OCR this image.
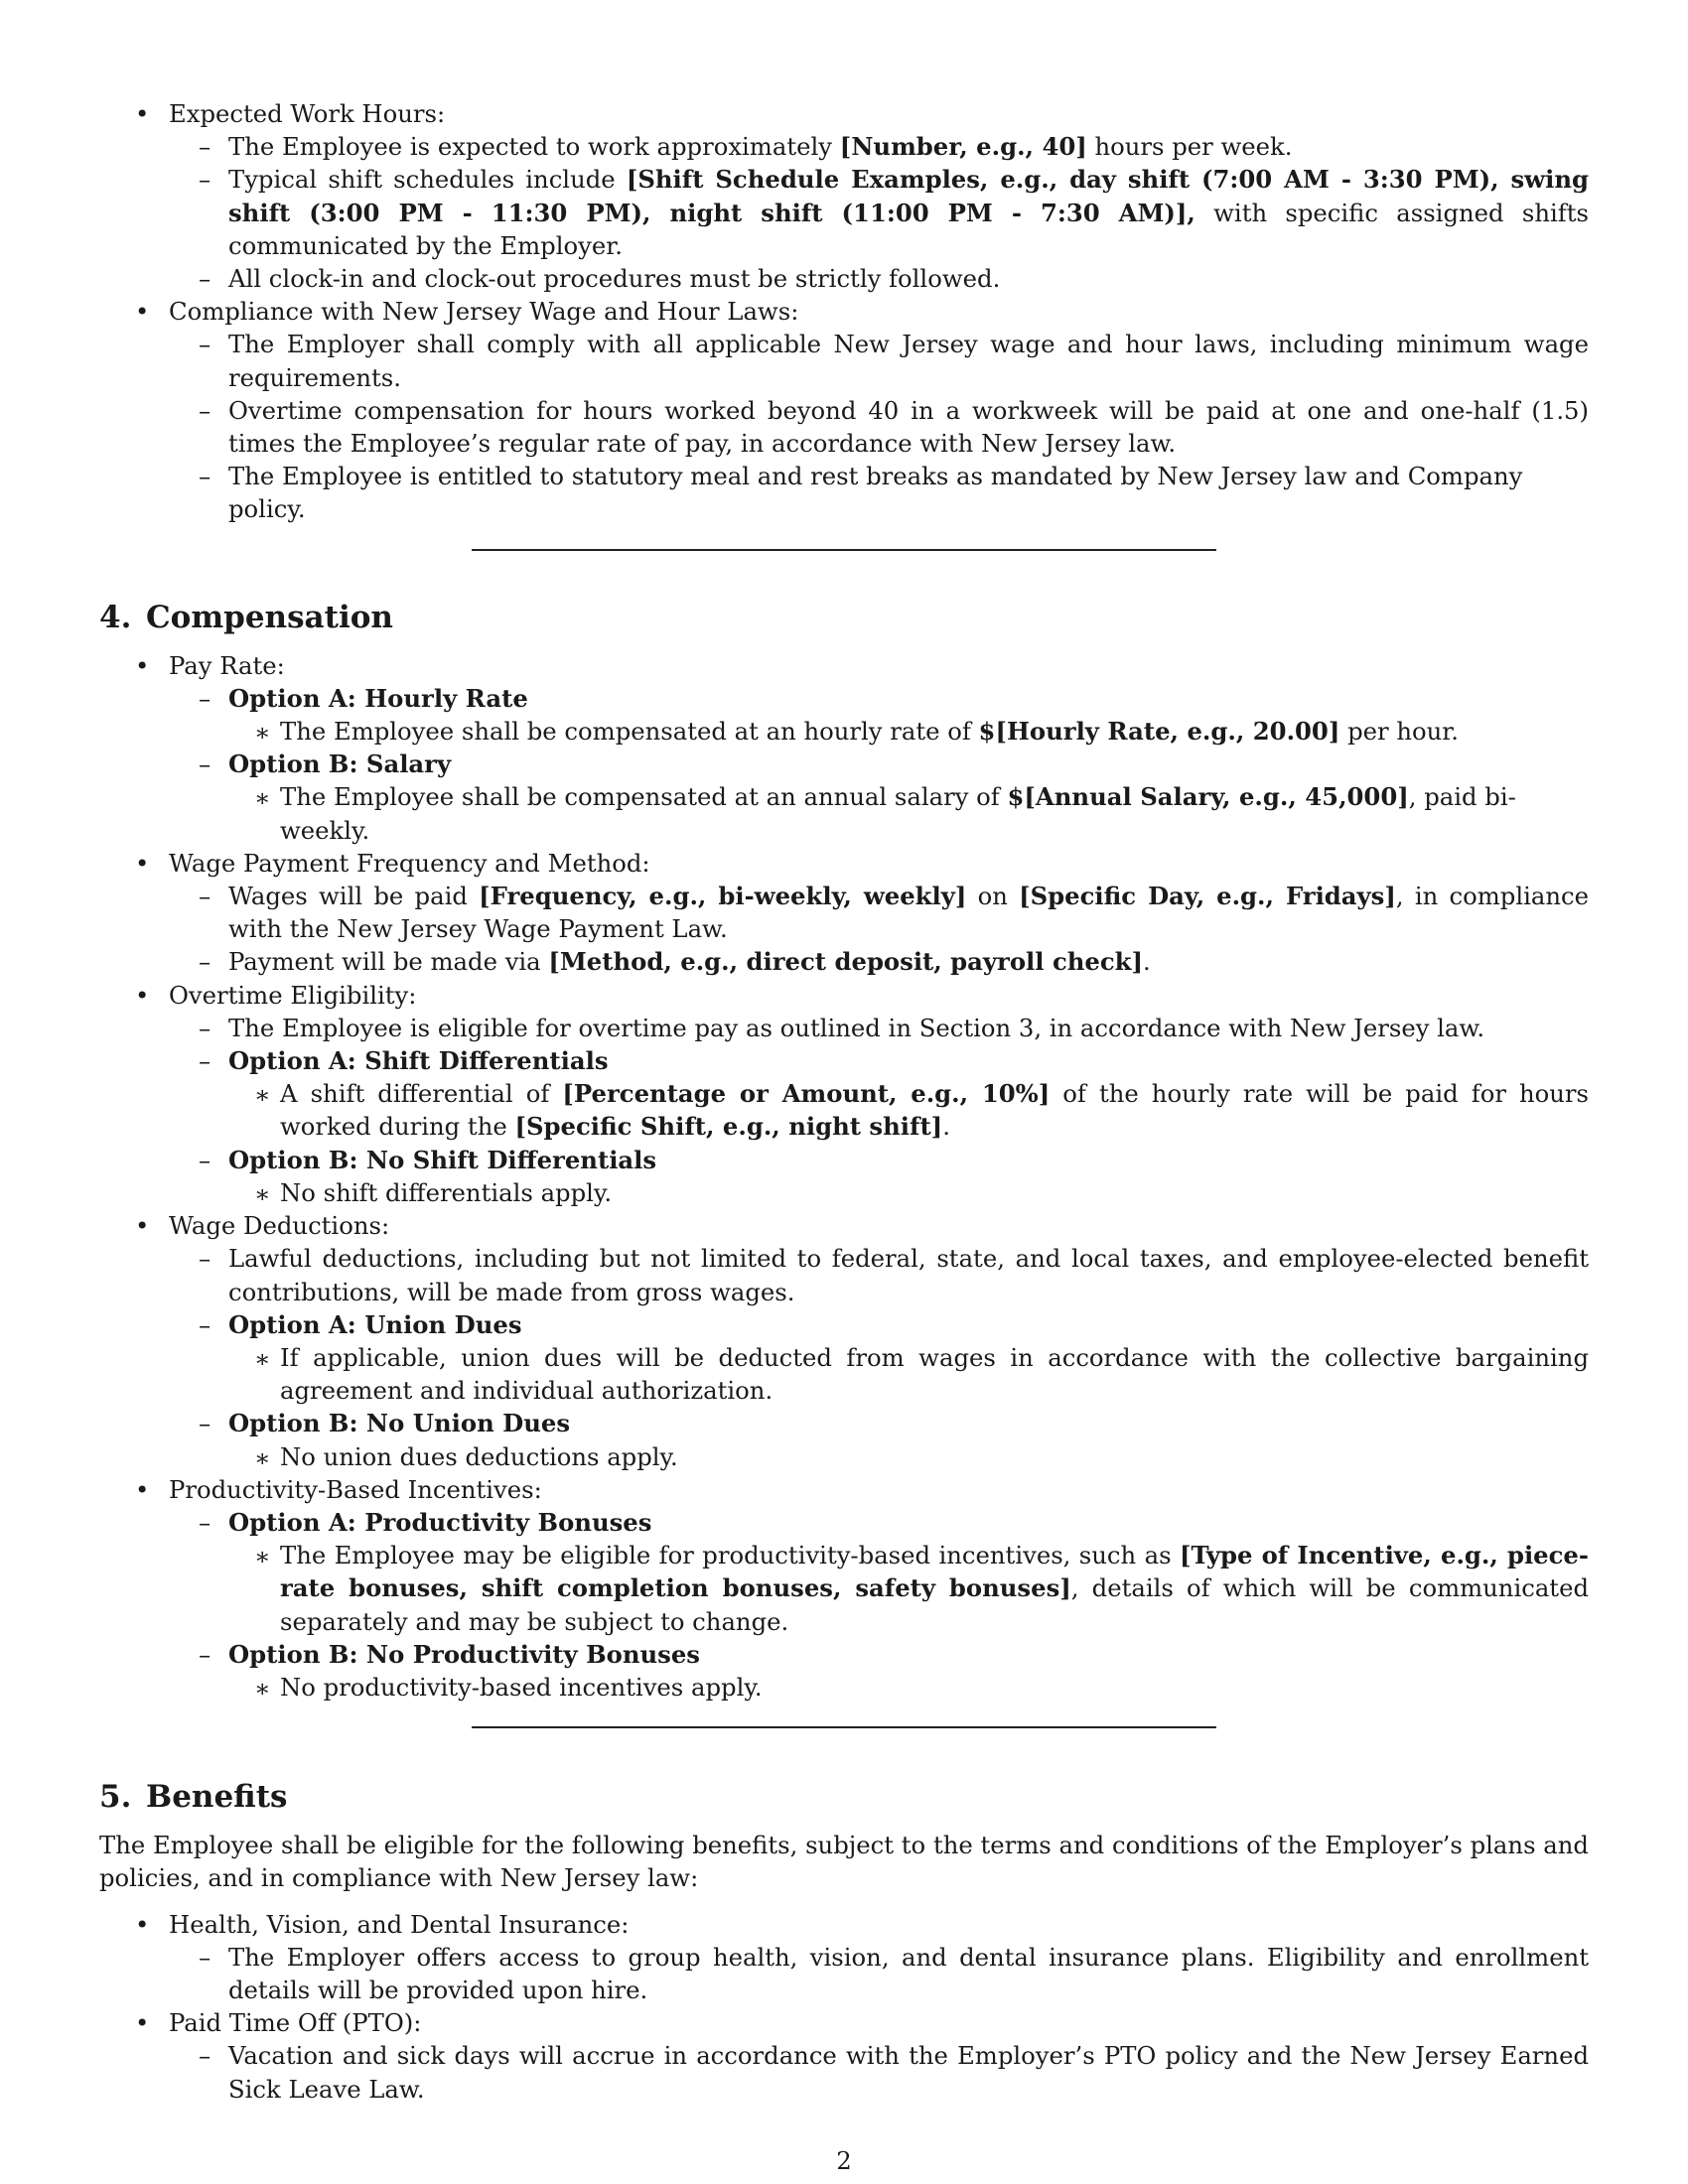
• Expected Work Hours:
– The Employee is expected to work approximately [Number, e.g., 40] hours per week.
– Typical shift schedules include [Shift Schedule Examples, e.g., day shift (7:00 AM - 3:30 PM), swing shift (3:00 PM - 11:30 PM), night shift (11:00 PM - 7:30 AM)], with specific assigned shifts communicated by the Employer.
– All clock-in and clock-out procedures must be strictly followed.
• Compliance with New Jersey Wage and Hour Laws:
– The Employer shall comply with all applicable New Jersey wage and hour laws, including minimum wage requirements.
– Overtime compensation for hours worked beyond 40 in a workweek will be paid at one and one-half (1.5) times the Employee’s regular rate of pay, in accordance with New Jersey law.
– The Employee is entitled to statutory meal and rest breaks as mandated by New Jersey law and Company policy.
4. Compensation
• Pay Rate:
– Option A: Hourly Rate
∗ The Employee shall be compensated at an hourly rate of $[Hourly Rate, e.g., 20.00] per hour.
– Option B: Salary
∗ The Employee shall be compensated at an annual salary of $[Annual Salary, e.g., 45,000], paid bi-weekly.
• Wage Payment Frequency and Method:
– Wages will be paid [Frequency, e.g., bi-weekly, weekly] on [Specific Day, e.g., Fridays], in compliance with the New Jersey Wage Payment Law.
– Payment will be made via [Method, e.g., direct deposit, payroll check].
• Overtime Eligibility:
– The Employee is eligible for overtime pay as outlined in Section 3, in accordance with New Jersey law.
– Option A: Shift Differentials
∗ A shift differential of [Percentage or Amount, e.g., 10%] of the hourly rate will be paid for hours worked during the [Specific Shift, e.g., night shift].
– Option B: No Shift Differentials
∗ No shift differentials apply.
• Wage Deductions:
– Lawful deductions, including but not limited to federal, state, and local taxes, and employee-elected benefit contributions, will be made from gross wages.
– Option A: Union Dues
∗ If applicable, union dues will be deducted from wages in accordance with the collective bargaining agreement and individual authorization.
– Option B: No Union Dues
∗ No union dues deductions apply.
• Productivity-Based Incentives:
– Option A: Productivity Bonuses
∗ The Employee may be eligible for productivity-based incentives, such as [Type of Incentive, e.g., piece-rate bonuses, shift completion bonuses, safety bonuses], details of which will be communicated separately and may be subject to change.
– Option B: No Productivity Bonuses
∗ No productivity-based incentives apply.
5. Benefits

The Employee shall be eligible for the following benefits, subject to the terms and conditions of the Employer’s plans and policies, and in compliance with New Jersey law:

• Health, Vision, and Dental Insurance:
– The Employer offers access to group health, vision, and dental insurance plans. Eligibility and enrollment details will be provided upon hire.
• Paid Time Off (PTO):
– Vacation and sick days will accrue in accordance with the Employer’s PTO policy and the New Jersey Earned Sick Leave Law.
2
